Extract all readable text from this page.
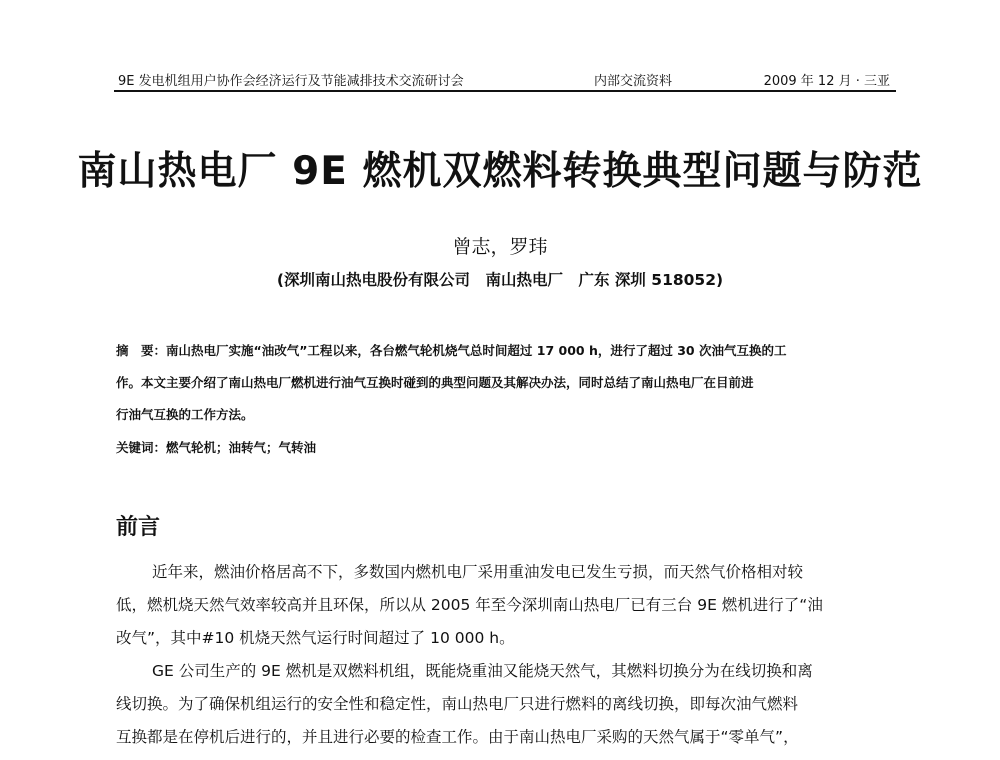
9E 发电机组用户协作会经济运行及节能减排技术交流研讨会	内部交流资料	2009 年 12 月 · 三亚
南山热电厂 9E 燃机双燃料转换典型问题与防范
曾志，罗玮
(深圳南山热电股份有限公司　南山热电厂　广东 深圳 518052)
摘　要：南山热电厂实施“油改气”工程以来，各台燃气轮机烧气总时间超过 17 000 h，进行了超过 30 次油气互换的工
作。本文主要介绍了南山热电厂燃机进行油气互换时碰到的典型问题及其解决办法，同时总结了南山热电厂在目前进
行油气互换的工作方法。
关键词：燃气轮机；油转气；气转油
前言
近年来，燃油价格居高不下，多数国内燃机电厂采用重油发电已发生亏损，而天然气价格相对较
低，燃机烧天然气效率较高并且环保，所以从 2005 年至今深圳南山热电厂已有三台 9E 燃机进行了“油
改气”，其中#10 机烧天然气运行时间超过了 10 000 h。
GE 公司生产的 9E 燃机是双燃料机组，既能烧重油又能烧天然气，其燃料切换分为在线切换和离
线切换。为了确保机组运行的安全性和稳定性，南山热电厂只进行燃料的离线切换，即每次油气燃料
互换都是在停机后进行的，并且进行必要的检查工作。由于南山热电厂采购的天然气属于“零单气”，
